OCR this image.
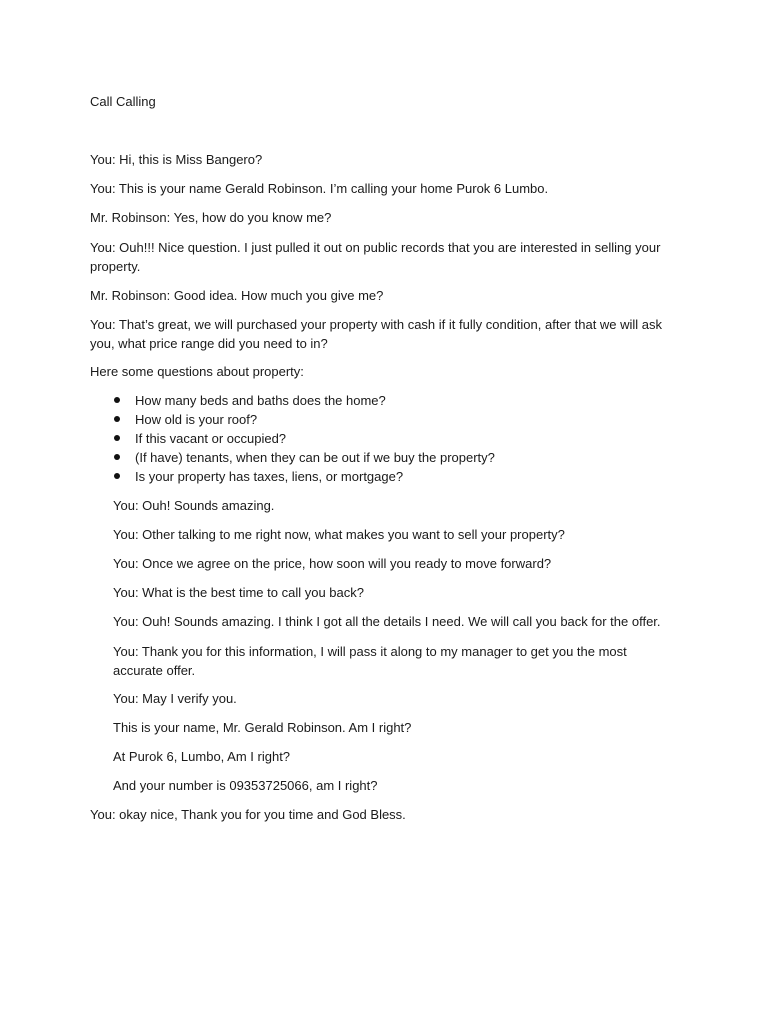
Call Calling

You: Hi, this is Miss Bangero?

You: This is your name Gerald Robinson. I’m calling your home Purok 6 Lumbo.

Mr. Robinson: Yes, how do you know me?

You: Ouh!!! Nice question. I just pulled it out on public records that you are interested in selling your property.

Mr. Robinson: Good idea. How much you give me?

You: That’s great, we will purchased your property with cash if it fully condition, after that we will ask you, what price range did you need to in?

Here some questions about property:

How many beds and baths does the home?
How old is your roof?
If this vacant or occupied?
(If have) tenants, when they can be out if we buy the property?
Is your property has taxes, liens, or mortgage?

You: Ouh! Sounds amazing.

You: Other talking to me right now, what makes you want to sell your property?

You: Once we agree on the price, how soon will you ready to move forward?

You: What is the best time to call you back?

You: Ouh! Sounds amazing. I think I got all the details I need. We will call you back for the offer.

You: Thank you for this information, I will pass it along to my manager to get you the most accurate offer.

You: May I verify you.

This is your name, Mr. Gerald Robinson. Am I right?

At Purok 6, Lumbo, Am I right?

And your number is 09353725066, am I right?

You: okay nice, Thank you for you time and God Bless.
